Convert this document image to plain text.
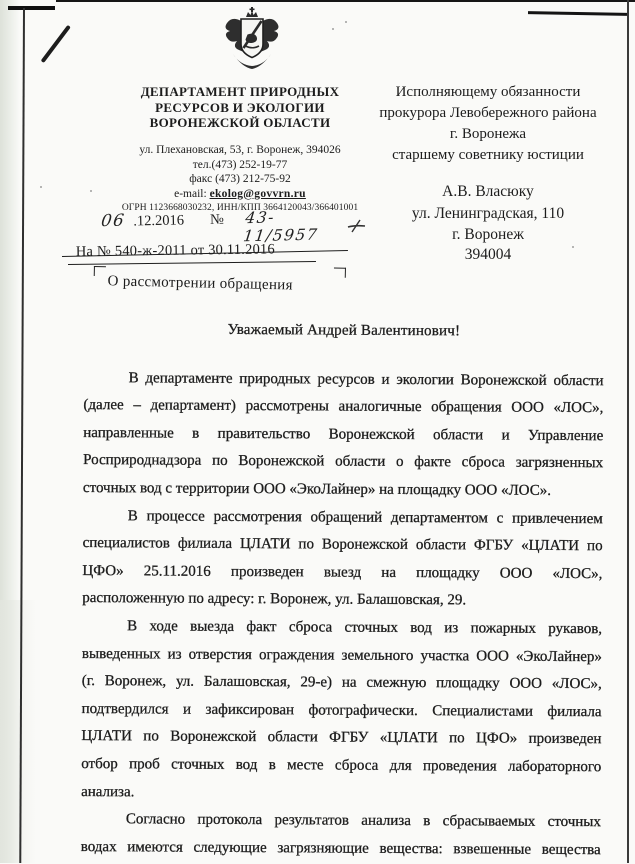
ДЕПАРТАМЕНТ ПРИРОДНЫХ
РЕСУРСОВ И ЭКОЛОГИИ
ВОРОНЕЖСКОЙ ОБЛАСТИ
ул. Плехановская, 53, г. Воронеж, 394026
тел.(473) 252-19-77
факс (473) 212-75-92
e-mail: ekolog@govvrn.ru
ОГРН 1123668030232, ИНН/КПП 3664120043/366401001
06 .12.2016 № 43-11/5957
На № 540-ж-2011 от 30.11.2016
О рассмотрении обращения
Исполняющему обязанности
прокурора Левобережного района
г. Воронежа
старшему советнику юстиции
А.В. Власюку
ул. Ленинградская, 110
г. Воронеж
394004
Уважаемый Андрей Валентинович!
В департаменте природных ресурсов и экологии Воронежской области
(далее – департамент) рассмотрены аналогичные обращения ООО «ЛОС»,
направленные в правительство Воронежской области и Управление
Росприроднадзора по Воронежской области о факте сброса загрязненных
сточных вод с территории ООО «ЭкоЛайнер» на площадку ООО «ЛОС».
В процессе рассмотрения обращений департаментом с привлечением
специалистов филиала ЦЛАТИ по Воронежской области ФГБУ «ЦЛАТИ по
ЦФО» 25.11.2016 произведен выезд на площадку ООО «ЛОС»,
расположенную по адресу: г. Воронеж, ул. Балашовская, 29.
В ходе выезда факт сброса сточных вод из пожарных рукавов,
выведенных из отверстия ограждения земельного участка ООО «ЭкоЛайнер»
(г. Воронеж, ул. Балашовская, 29-е) на смежную площадку ООО «ЛОС»,
подтвердился и зафиксирован фотографически. Специалистами филиала
ЦЛАТИ по Воронежской области ФГБУ «ЦЛАТИ по ЦФО» произведен
отбор проб сточных вод в месте сброса для проведения лабораторного
анализа.
Согласно протокола результатов анализа в сбрасываемых сточных
водах имеются следующие загрязняющие вещества: взвешенные вещества
